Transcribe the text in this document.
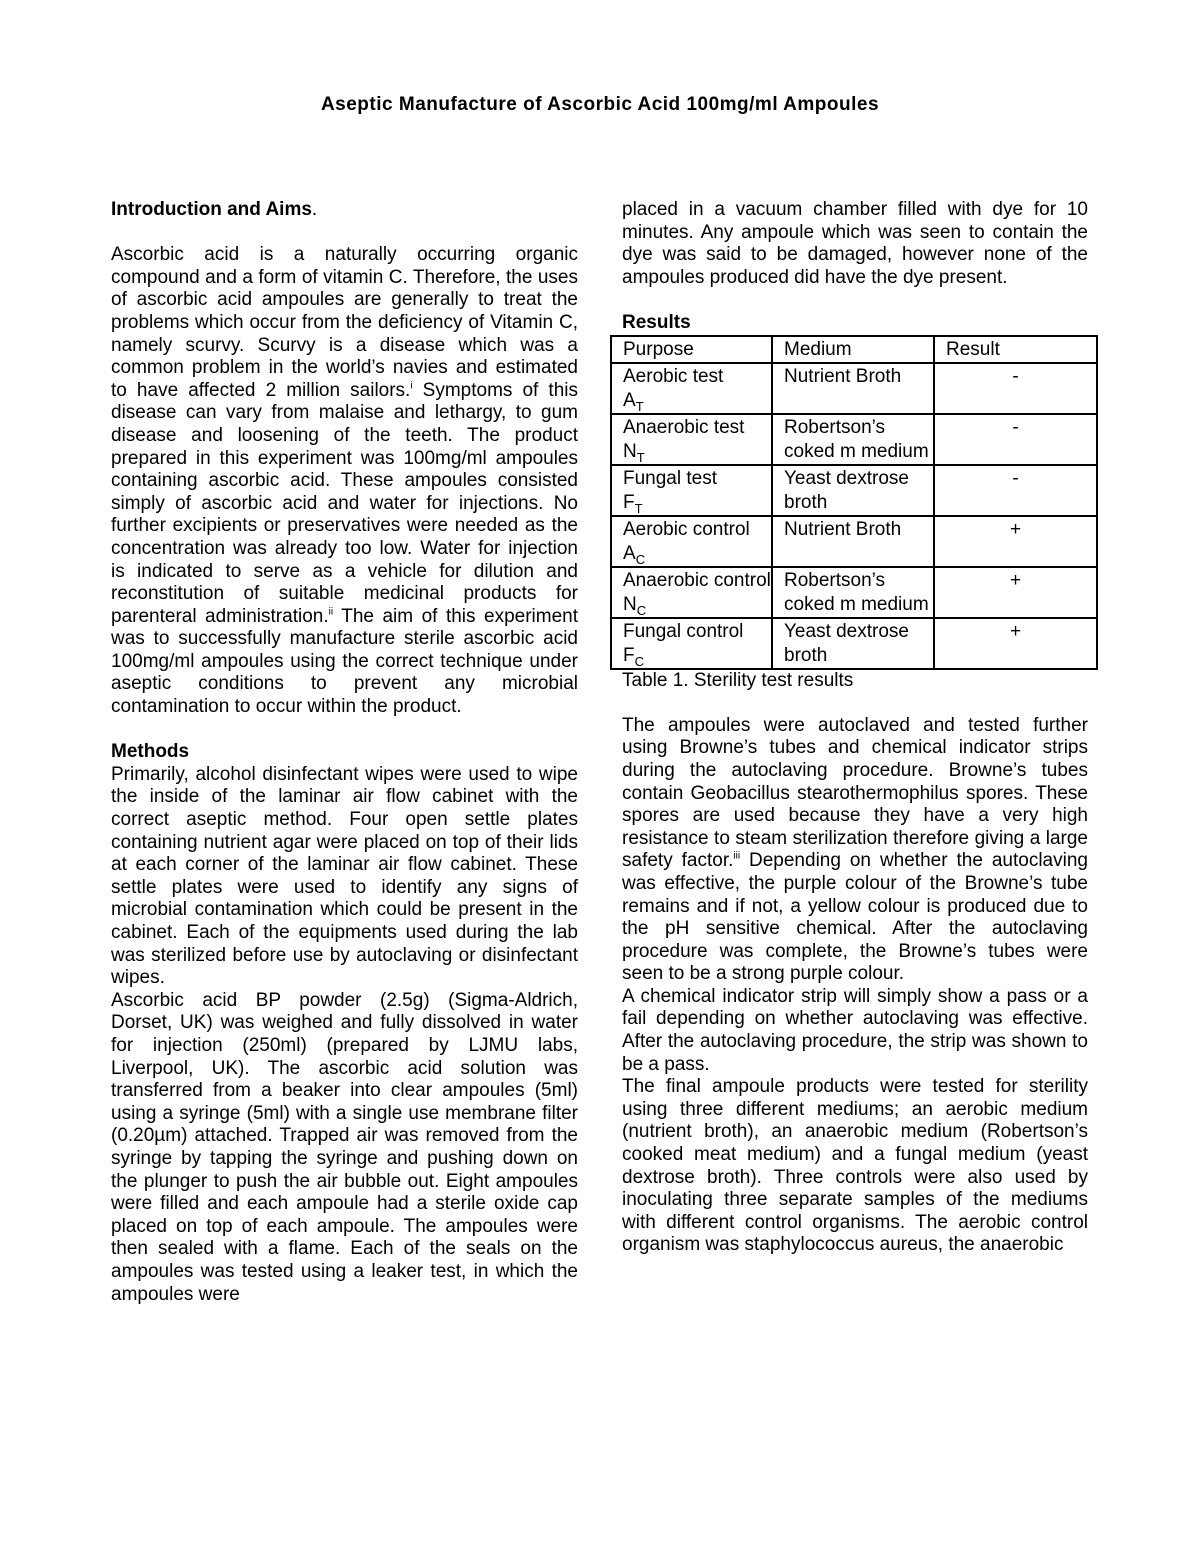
Aseptic Manufacture of Ascorbic Acid 100mg/ml Ampoules

Introduction and Aims.

Ascorbic acid is a naturally occurring organic compound and a form of vitamin C. Therefore, the uses of ascorbic acid ampoules are generally to treat the problems which occur from the deficiency of Vitamin C, namely scurvy. Scurvy is a disease which was a common problem in the world’s navies and estimated to have affected 2 million sailors.$^i$ Symptoms of this disease can vary from malaise and lethargy, to gum disease and loosening of the teeth. The product prepared in this experiment was 100mg/ml ampoules containing ascorbic acid. These ampoules consisted simply of ascorbic acid and water for injections. No further excipients or preservatives were needed as the concentration was already too low. Water for injection is indicated to serve as a vehicle for dilution and reconstitution of suitable medicinal products for parenteral administration.$^{ii}$ The aim of this experiment was to successfully manufacture sterile ascorbic acid 100mg/ml ampoules using the correct technique under aseptic conditions to prevent any microbial contamination to occur within the product.

Methods

Primarily, alcohol disinfectant wipes were used to wipe the inside of the laminar air flow cabinet with the correct aseptic method. Four open settle plates containing nutrient agar were placed on top of their lids at each corner of the laminar air flow cabinet. These settle plates were used to identify any signs of microbial contamination which could be present in the cabinet. Each of the equipments used during the lab was sterilized before use by autoclaving or disinfectant wipes.

Ascorbic acid BP powder (2.5g) (Sigma-Aldrich, Dorset, UK) was weighed and fully dissolved in water for injection (250ml) (prepared by LJMU labs, Liverpool, UK). The ascorbic acid solution was transferred from a beaker into clear ampoules (5ml) using a syringe (5ml) with a single use membrane filter (0.20µm) attached. Trapped air was removed from the syringe by tapping the syringe and pushing down on the plunger to push the air bubble out. Eight ampoules were filled and each ampoule had a sterile oxide cap placed on top of each ampoule. The ampoules were then sealed with a flame. Each of the seals on the ampoules was tested using a leaker test, in which the ampoules were

placed in a vacuum chamber filled with dye for 10 minutes. Any ampoule which was seen to contain the dye was said to be damaged, however none of the ampoules produced did have the dye present.

Results

Purpose	Medium	Result
Aerobic test
$A_T$	Nutrient Broth	-
Anaerobic test
$N_T$	Robertson’s coked m medium	-
Fungal test
$F_T$	Yeast dextrose broth	-
Aerobic control
$A_C$	Nutrient Broth	+
Anaerobic control
$N_C$	Robertson’s coked m medium	+
Fungal control
$F_C$	Yeast dextrose broth	+

Table 1. Sterility test results

The ampoules were autoclaved and tested further using Browne’s tubes and chemical indicator strips during the autoclaving procedure. Browne’s tubes contain Geobacillus stearothermophilus spores. These spores are used because they have a very high resistance to steam sterilization therefore giving a large safety factor.$^{iii}$ Depending on whether the autoclaving was effective, the purple colour of the Browne’s tube remains and if not, a yellow colour is produced due to the pH sensitive chemical. After the autoclaving procedure was complete, the Browne’s tubes were seen to be a strong purple colour.

A chemical indicator strip will simply show a pass or a fail depending on whether autoclaving was effective. After the autoclaving procedure, the strip was shown to be a pass.

The final ampoule products were tested for sterility using three different mediums; an aerobic medium (nutrient broth), an anaerobic medium (Robertson’s cooked meat medium) and a fungal medium (yeast dextrose broth). Three controls were also used by inoculating three separate samples of the mediums with different control organisms. The aerobic control organism was staphylococcus aureus, the anaerobic
